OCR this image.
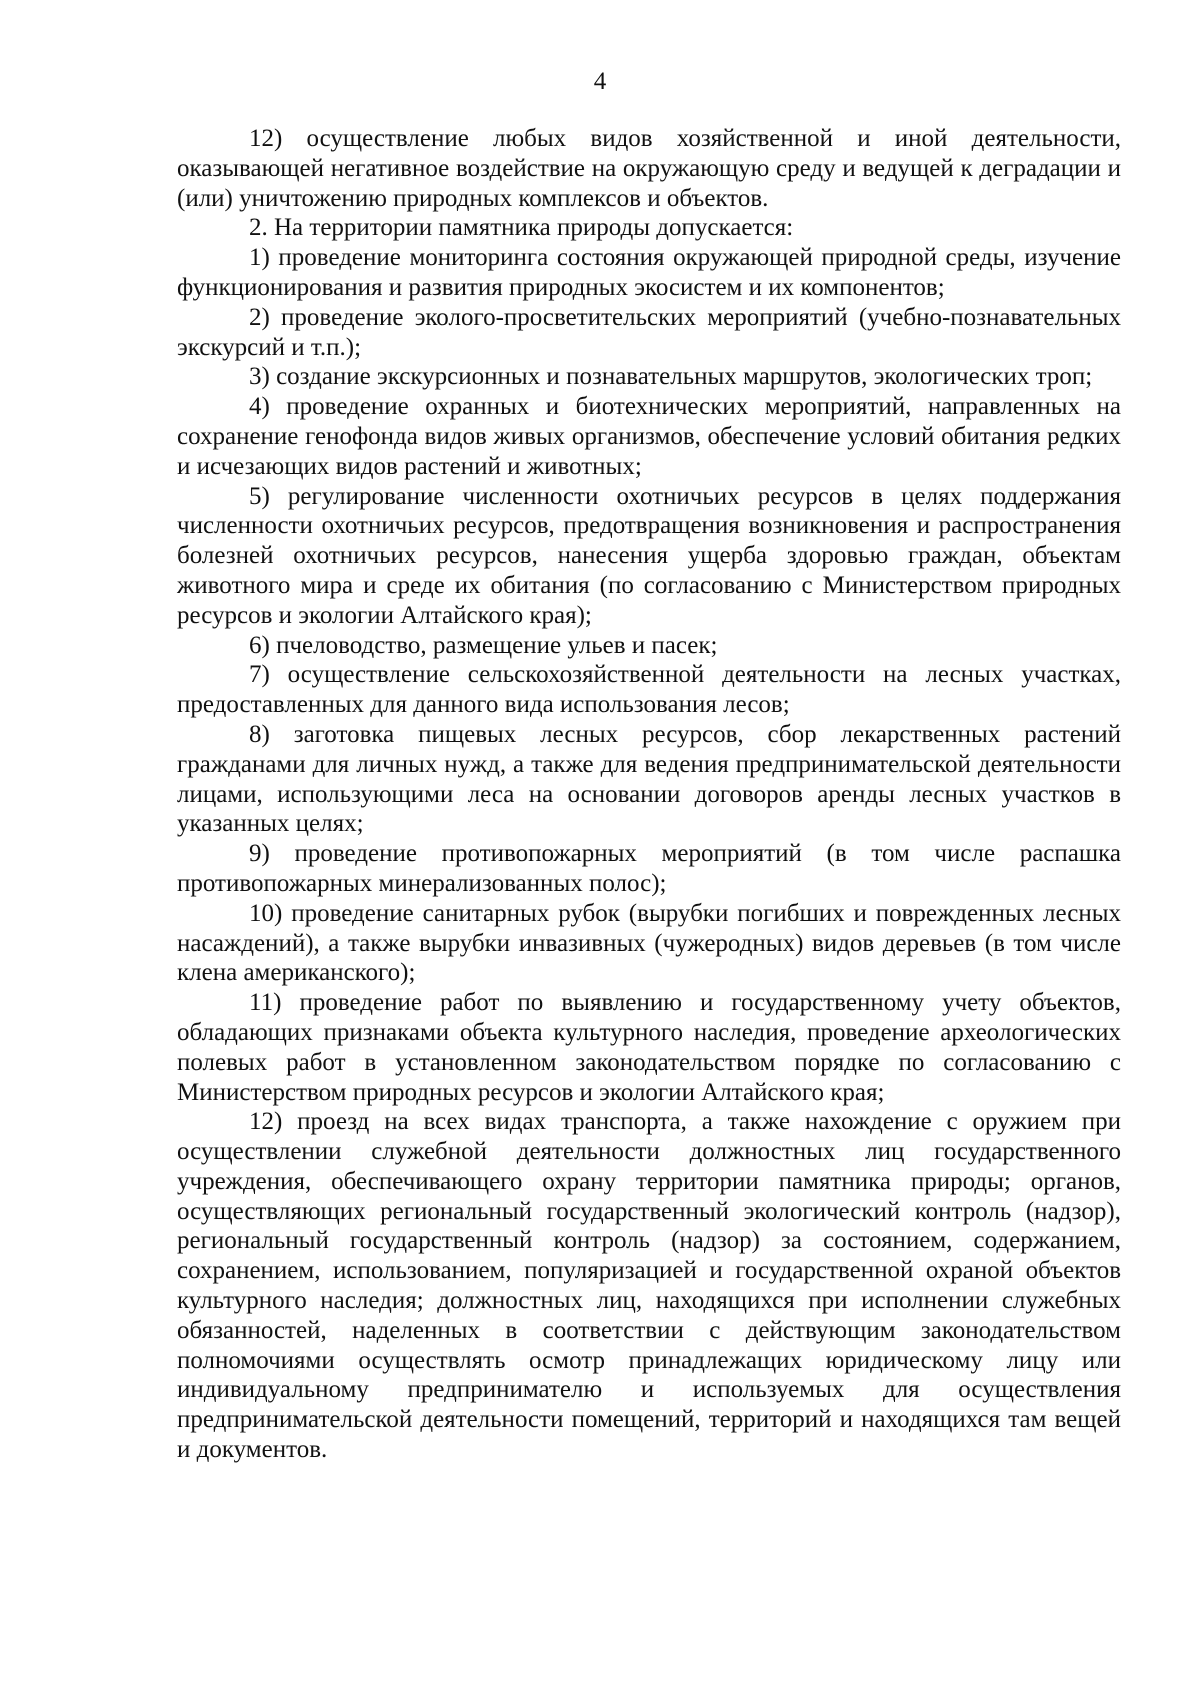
4

12) осуществление любых видов хозяйственной и иной деятельности, оказывающей негативное воздействие на окружающую среду и ведущей к деградации и (или) уничтожению природных комплексов и объектов.

2. На территории памятника природы допускается:

1) проведение мониторинга состояния окружающей природной среды, изучение функционирования и развития природных экосистем и их компонентов;

2) проведение эколого-просветительских мероприятий (учебно-познавательных экскурсий и т.п.);

3) создание экскурсионных и познавательных маршрутов, экологических троп;

4) проведение охранных и биотехнических мероприятий, направленных на сохранение генофонда видов живых организмов, обеспечение условий обитания редких и исчезающих видов растений и животных;

5) регулирование численности охотничьих ресурсов в целях поддержания численности охотничьих ресурсов, предотвращения возникновения и распространения болезней охотничьих ресурсов, нанесения ущерба здоровью граждан, объектам животного мира и среде их обитания (по согласованию с Министерством природных ресурсов и экологии Алтайского края);

6) пчеловодство, размещение ульев и пасек;

7) осуществление сельскохозяйственной деятельности на лесных участках, предоставленных для данного вида использования лесов;

8) заготовка пищевых лесных ресурсов, сбор лекарственных растений гражданами для личных нужд, а также для ведения предпринимательской деятельности лицами, использующими леса на основании договоров аренды лесных участков в указанных целях;

9) проведение противопожарных мероприятий (в том числе распашка противопожарных минерализованных полос);

10) проведение санитарных рубок (вырубки погибших и поврежденных лесных насаждений), а также вырубки инвазивных (чужеродных) видов деревьев (в том числе клена американского);

11) проведение работ по выявлению и государственному учету объектов, обладающих признаками объекта культурного наследия, проведение археологических полевых работ в установленном законодательством порядке по согласованию с Министерством природных ресурсов и экологии Алтайского края;

12) проезд на всех видах транспорта, а также нахождение с оружием при осуществлении служебной деятельности должностных лиц государственного учреждения, обеспечивающего охрану территории памятника природы; органов, осуществляющих региональный государственный экологический контроль (надзор), региональный государственный контроль (надзор) за состоянием, содержанием, сохранением, использованием, популяризацией и государственной охраной объектов культурного наследия; должностных лиц, находящихся при исполнении служебных обязанностей, наделенных в соответствии с действующим законодательством полномочиями осуществлять осмотр принадлежащих юридическому лицу или индивидуальному предпринимателю и используемых для осуществления предпринимательской деятельности помещений, территорий и находящихся там вещей и документов.
